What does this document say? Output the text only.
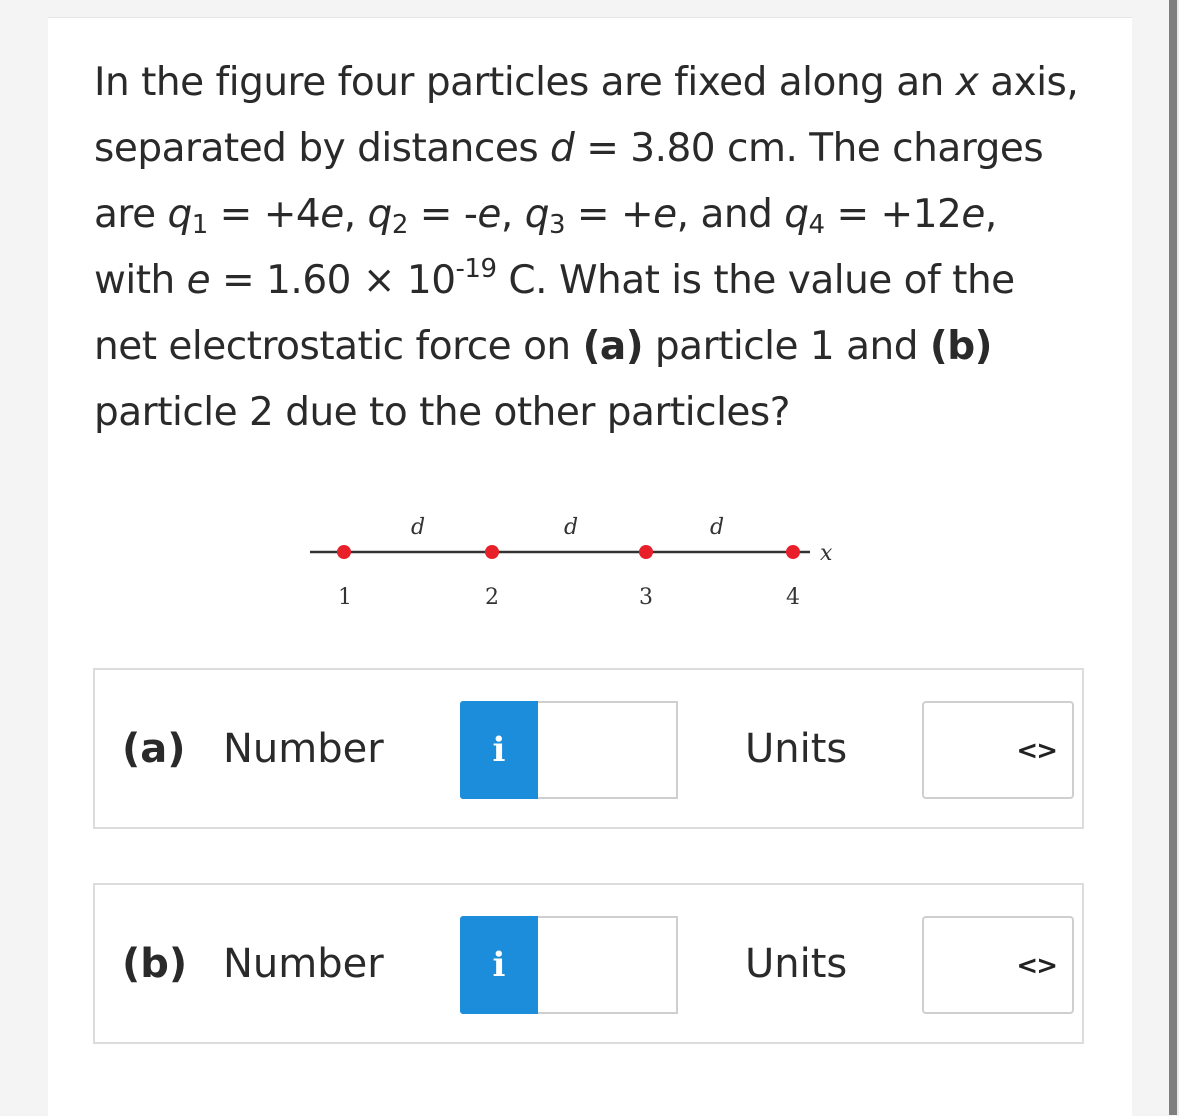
In the figure four particles are fixed along an x axis, separated by distances d = 3.80 cm. The charges are $q_1 = +4e$, $q_2 = -e$, $q_3 = +e$, and $q_4 = +12e$, with $e = 1.60 \times 10^{-19}$ C. What is the value of the net electrostatic force on (a) particle 1 and (b) particle 2 due to the other particles?

x
d	d	d
1	2	3	4
(a) Number	i	Units	<>
(b) Number	i	Units	<>
